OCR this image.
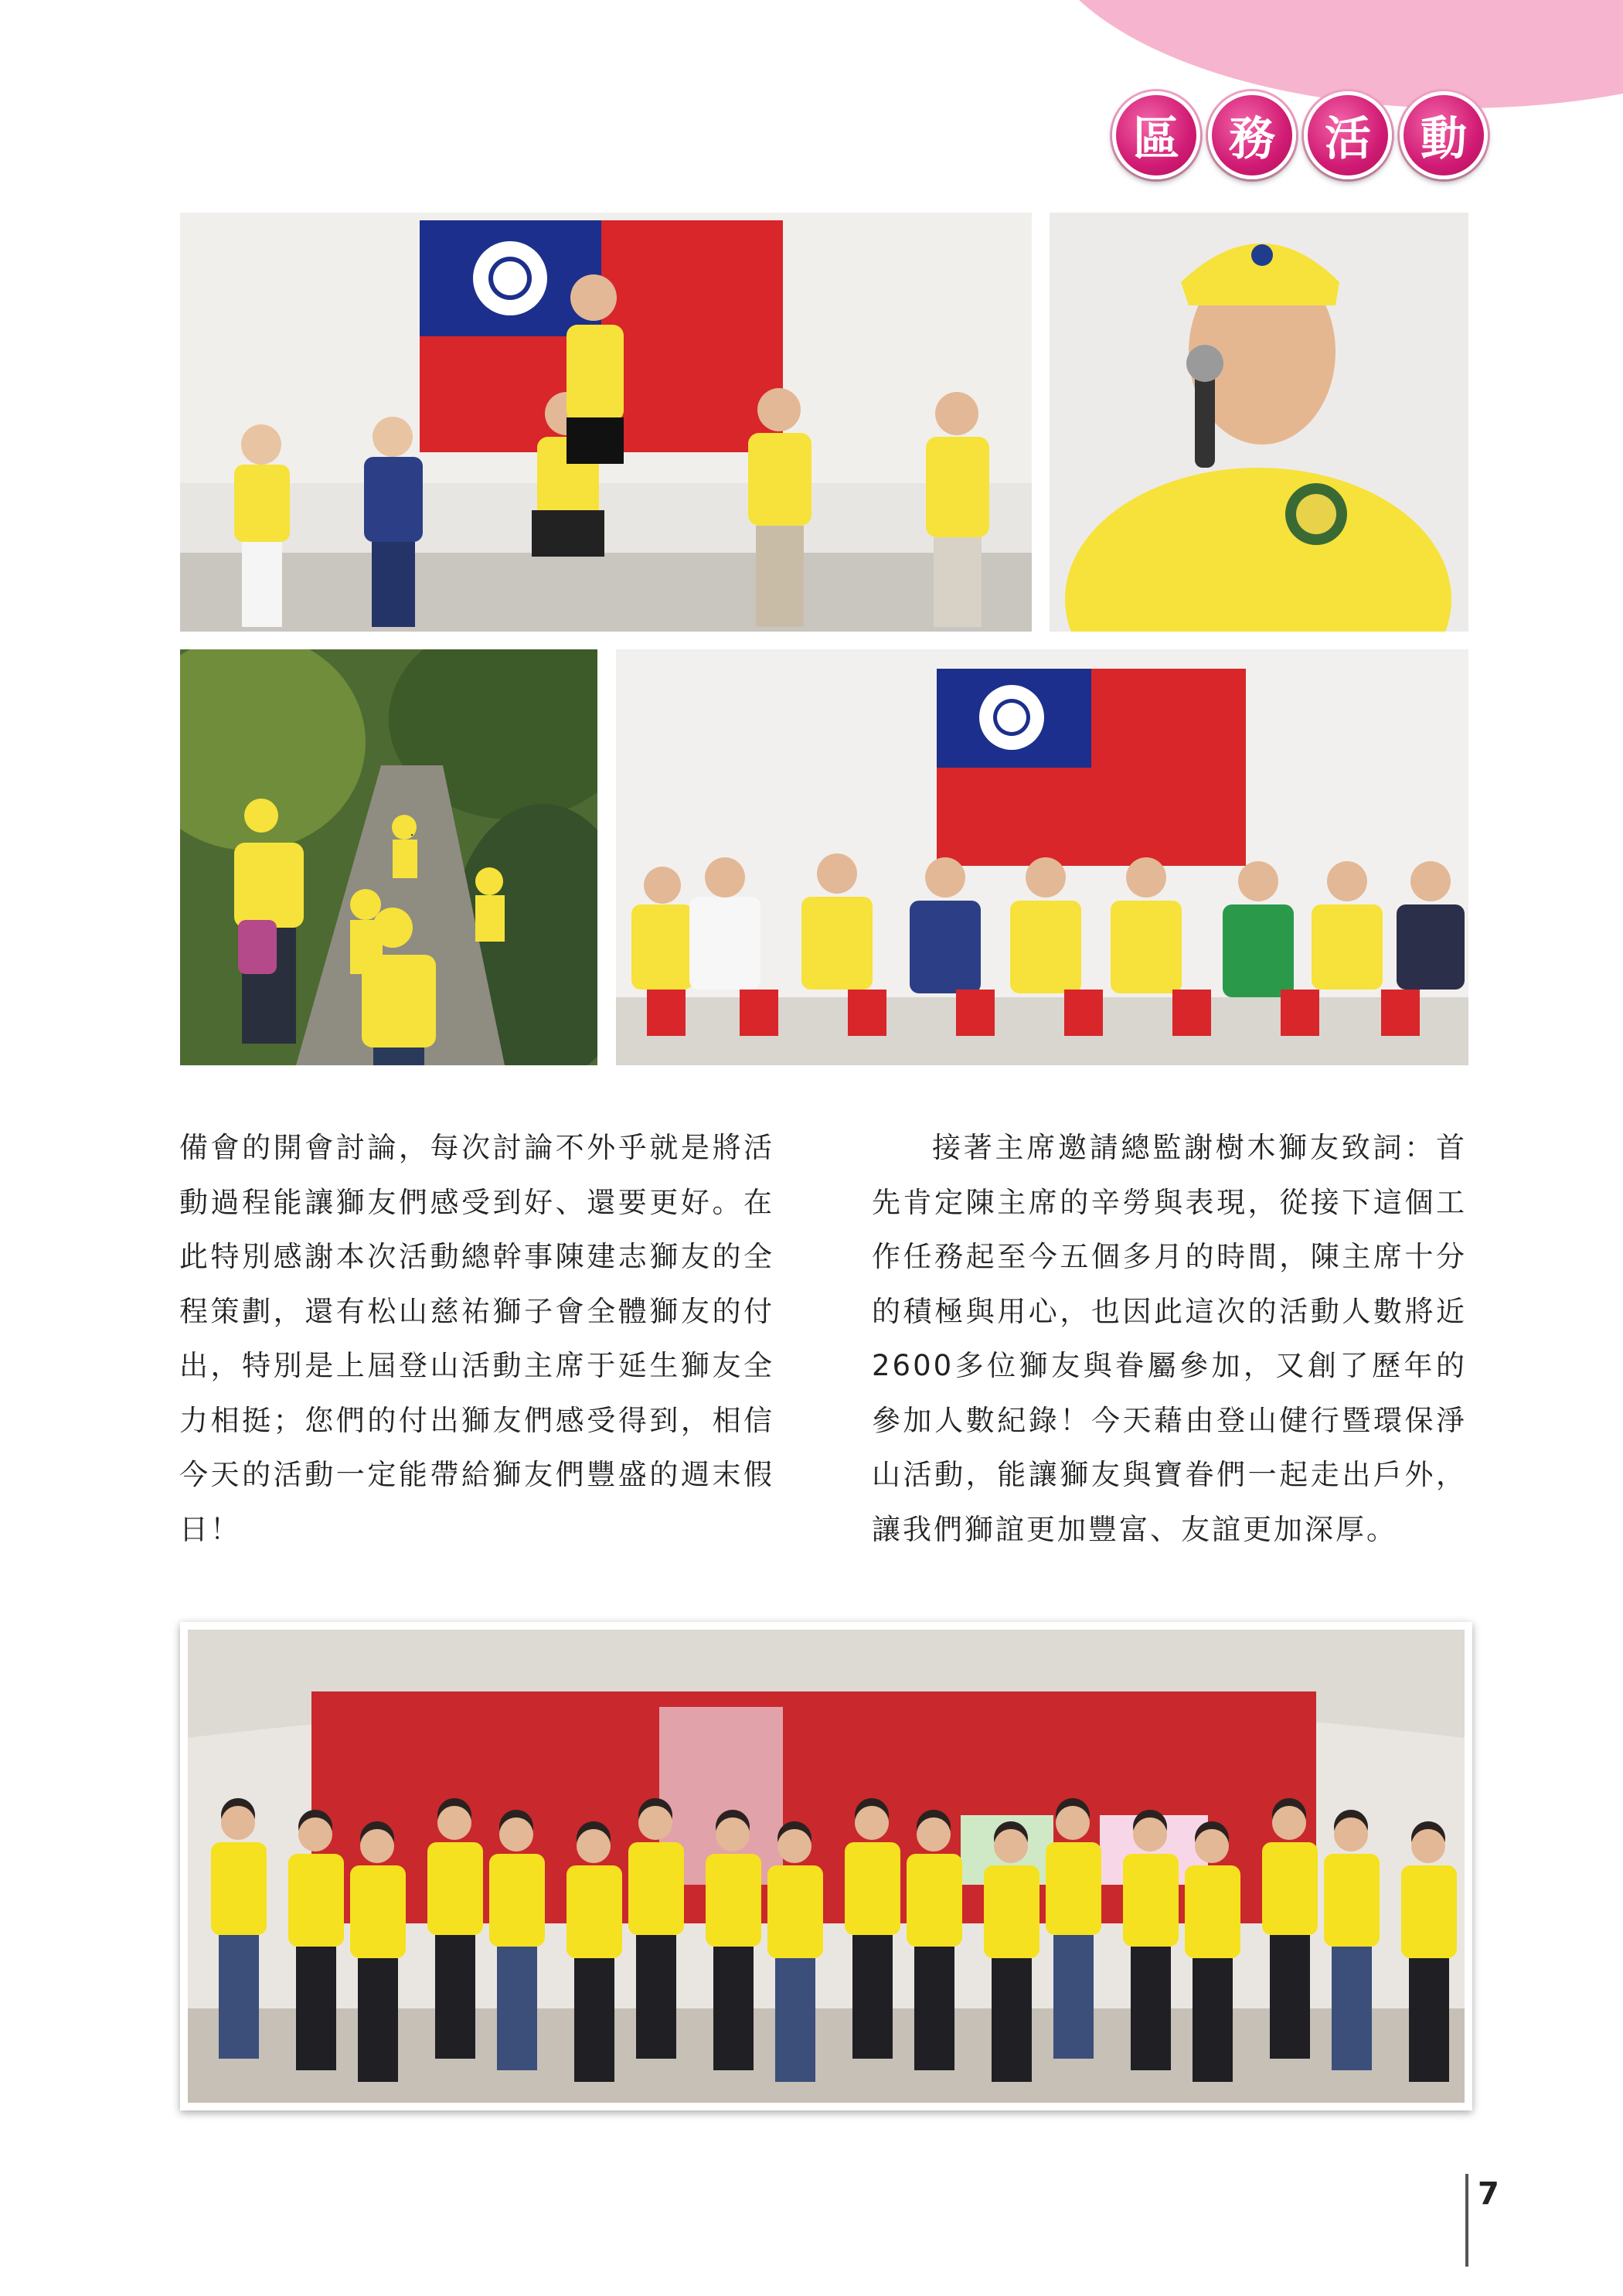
區	務	活	動

備會的開會討論，每次討論不外乎就是將活動過程能讓獅友們感受到好、還要更好。在此特別感謝本次活動總幹事陳建志獅友的全程策劃，還有松山慈祐獅子會全體獅友的付出，特別是上屆登山活動主席于延生獅友全力相挺；您們的付出獅友們感受得到，相信今天的活動一定能帶給獅友們豐盛的週末假日！

接著主席邀請總監謝樹木獅友致詞：首先肯定陳主席的辛勞與表現，從接下這個工作任務起至今五個多月的時間，陳主席十分的積極與用心，也因此這次的活動人數將近2600多位獅友與眷屬參加，又創了歷年的參加人數紀錄！今天藉由登山健行暨環保淨山活動，能讓獅友與寶眷們一起走出戶外，讓我們獅誼更加豐富、友誼更加深厚。

7
